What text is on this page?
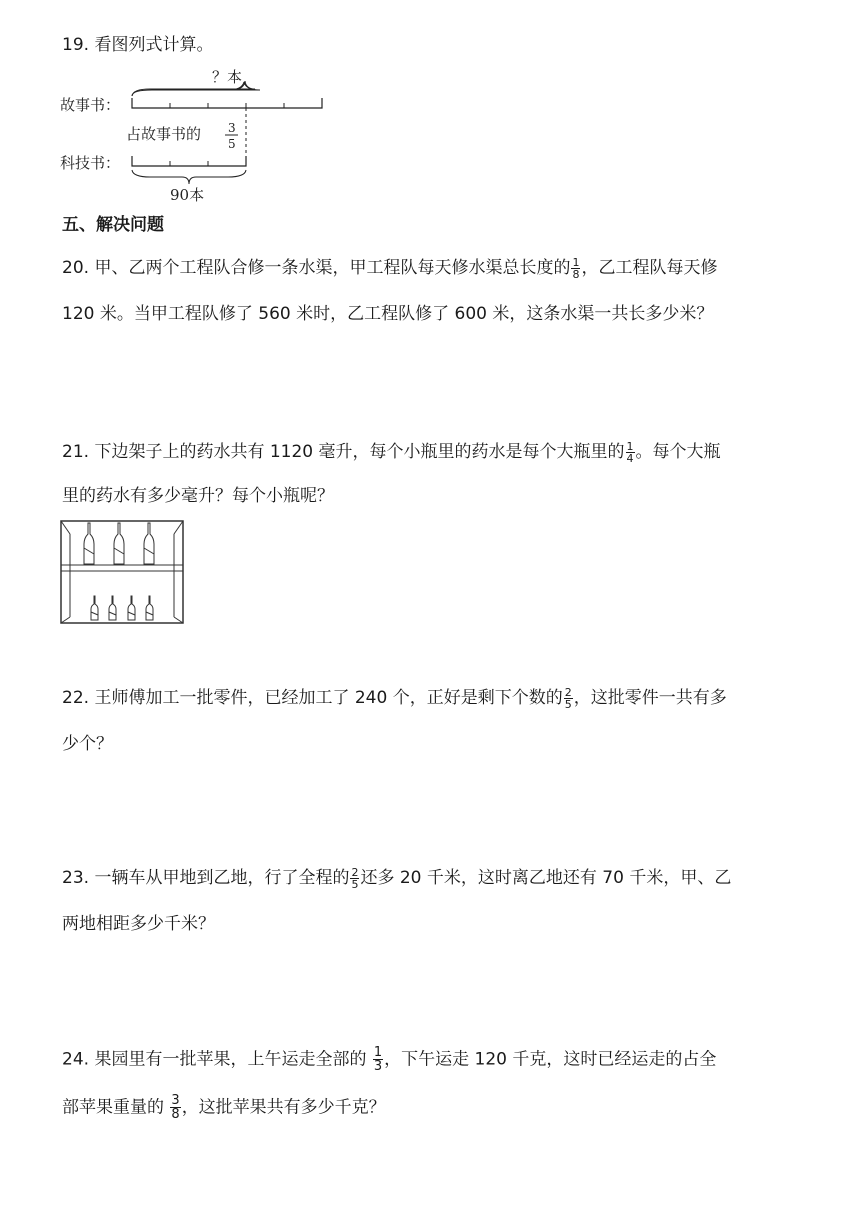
19. 看图列式计算。
？本
故事书：
占故事书的 3
5
科技书：
90本
五、解决问题
20. 甲、乙两个工程队合修一条水渠，甲工程队每天修水渠总长度的 $\frac{1}{8}$ ，乙工程队每天修
120 米。当甲工程队修了 560 米时，乙工程队修了 600 米，这条水渠一共长多少米？
21. 下边架子上的药水共有 1120 毫升，每个小瓶里的药水是每个大瓶里的 $\frac{1}{4}$ 。每个大瓶
里的药水有多少毫升？每个小瓶呢？
22. 王师傅加工一批零件，已经加工了 240 个，正好是剩下个数的 $\frac{2}{5}$ ，这批零件一共有多
少个？
23. 一辆车从甲地到乙地，行了全程的 $\frac{2}{5}$ 还多 20 千米，这时离乙地还有 70 千米，甲、乙
两地相距多少千米？
24. 果园里有一批苹果，上午运走全部的 $\frac{1}{3}$ ，下午运走 120 千克，这时已经运走的占全
部苹果重量的 $\frac{3}{8}$ ，这批苹果共有多少千克？
